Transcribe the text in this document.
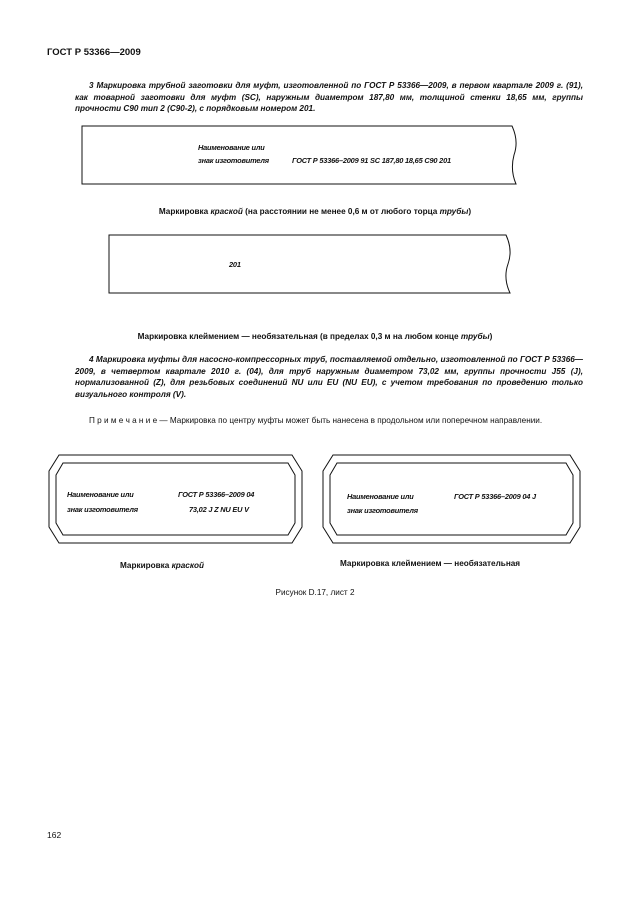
ГОСТ Р 53366—2009
3 Маркировка трубной заготовки для муфт, изготовленной по ГОСТ Р 53366—2009, в первом квартале 2009 г. (91), как товарной заготовки для муфт (SC), наружным диаметром 187,80 мм, толщиной стенки 18,65 мм, группы прочности С90 тип 2 (С90-2), с порядковым номером 201.
Наименование или
знак изготовителя	ГОСТ Р 53366–2009 91 SC 187,80 18,65 C90 201
Маркировка краской (на расстоянии не менее 0,6 м от любого торца трубы)
201
Маркировка клеймением — необязательная (в пределах 0,3 м на любом конце трубы)
4 Маркировка муфты для насосно-компрессорных труб, поставляемой отдельно, изготовленной по ГОСТ Р 53366—2009, в четвертом квартале 2010 г. (04), для труб наружным диаметром 73,02 мм, группы прочности J55 (J), нормализованной (Z), для резьбовых соединений NU или EU (NU EU), с учетом требования по проведению только визуального контроля (V).
П р и м е ч а н и е — Маркировка по центру муфты может быть нанесена в продольном или поперечном направлении.
Наименование или
знак изготовителя
ГОСТ Р 53366–2009 04
73,02 J Z NU EU V
Наименование или
знак изготовителя
ГОСТ Р 53366–2009 04 J
Маркировка краской	Маркировка клеймением — необязательная
Рисунок D.17, лист 2
162
